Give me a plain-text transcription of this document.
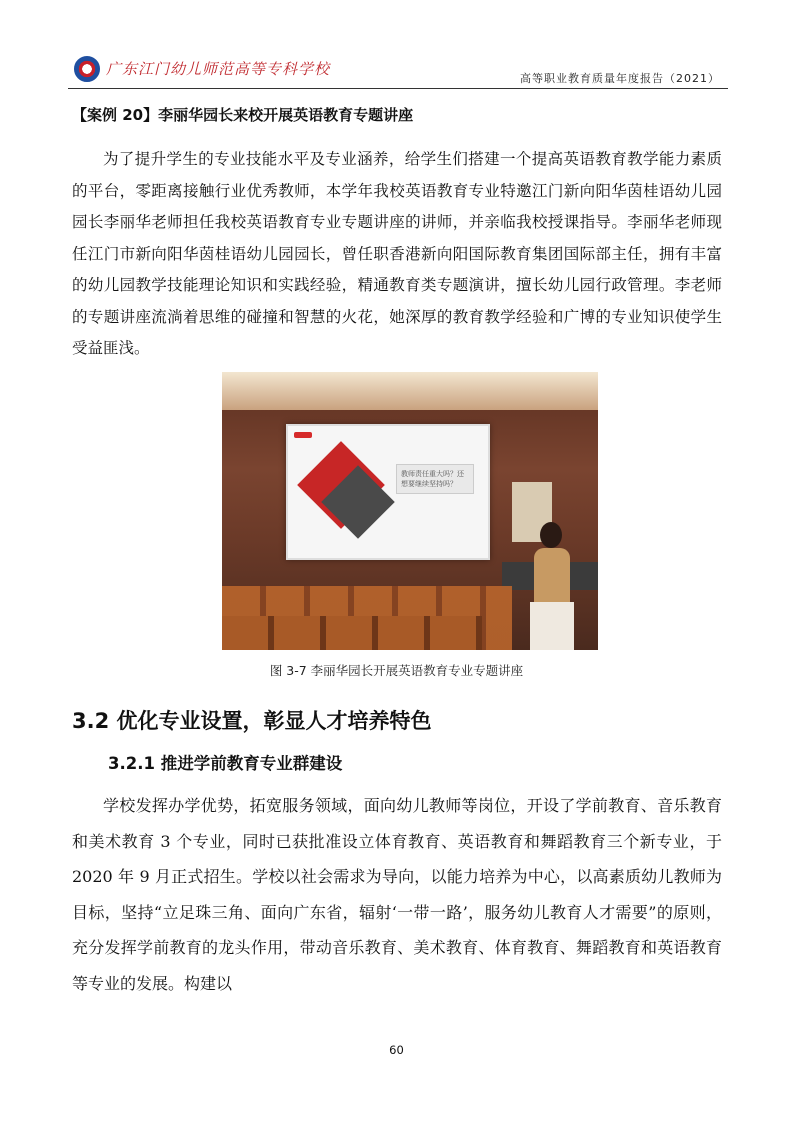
广东江门幼儿师范高等专科学校
高等职业教育质量年度报告（2021）
【案例 20】李丽华园长来校开展英语教育专题讲座

为了提升学生的专业技能水平及专业涵养，给学生们搭建一个提高英语教育教学能力素质的平台，零距离接触行业优秀教师，本学年我校英语教育专业特邀江门新向阳华茵桂语幼儿园园长李丽华老师担任我校英语教育专业专题讲座的讲师，并亲临我校授课指导。李丽华老师现任江门市新向阳华茵桂语幼儿园园长，曾任职香港新向阳国际教育集团国际部主任，拥有丰富的幼儿园教学技能理论知识和实践经验，精通教育类专题演讲，擅长幼儿园行政管理。李老师的专题讲座流淌着思维的碰撞和智慧的火花，她深厚的教育教学经验和广博的专业知识使学生受益匪浅。

教师责任重大吗？还想要继续坚持吗？
图 3-7 李丽华园长开展英语教育专业专题讲座
3.2 优化专业设置，彰显人才培养特色
3.2.1 推进学前教育专业群建设

学校发挥办学优势，拓宽服务领域，面向幼儿教师等岗位，开设了学前教育、音乐教育和美术教育 3 个专业，同时已获批准设立体育教育、英语教育和舞蹈教育三个新专业，于 2020 年 9 月正式招生。学校以社会需求为导向，以能力培养为中心，以高素质幼儿教师为目标，坚持“立足珠三角、面向广东省，辐射‘一带一路’，服务幼儿教育人才需要”的原则，充分发挥学前教育的龙头作用，带动音乐教育、美术教育、体育教育、舞蹈教育和英语教育等专业的发展。构建以

60
